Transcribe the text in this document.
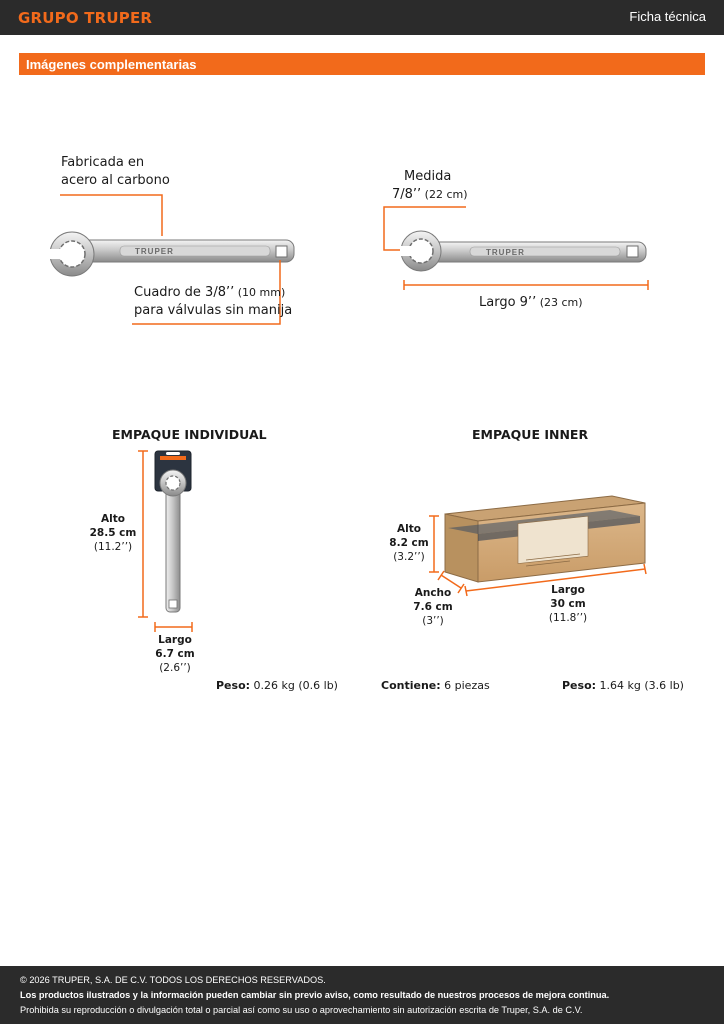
GRUPO TRUPER	Ficha técnica
Imágenes complementarias
TRUPER	TRUPER
Fabricada en
acero al carbono
Cuadro de 3/8’’ (10 mm)
para válvulas sin manija
Medida
7/8’’ (22 cm)
Largo 9’’ (23 cm)
EMPAQUE INDIVIDUAL
Alto
28.5 cm
(11.2’’)
Largo
6.7 cm
(2.6’’)
Peso: 0.26 kg (0.6 lb)
EMPAQUE INNER
Alto
8.2 cm
(3.2’’)
Ancho
7.6 cm
(3’’)
Largo
30 cm
(11.8’’)
Contiene: 6 piezas	Peso: 1.64 kg (3.6 lb)
© 2026 TRUPER, S.A. DE C.V. TODOS LOS DERECHOS RESERVADOS.
Los productos ilustrados y la información pueden cambiar sin previo aviso, como resultado de nuestros procesos de mejora continua.
Prohibida su reproducción o divulgación total o parcial así como su uso o aprovechamiento sin autorización escrita de Truper, S.A. de C.V.
